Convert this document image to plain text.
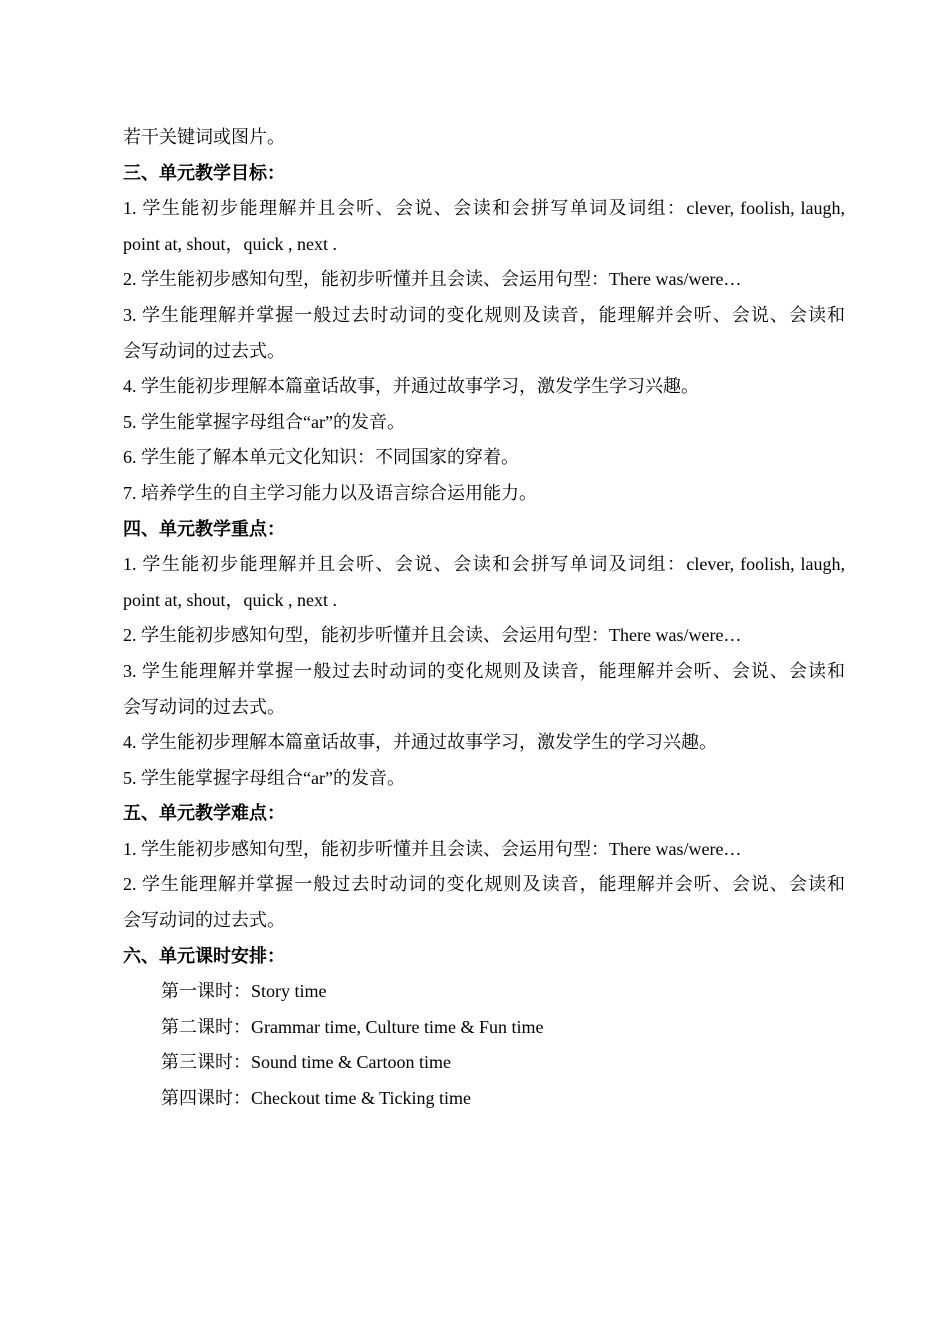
若干关键词或图片。
三、单元教学目标：
1. 学生能初步能理解并且会听、会说、会读和会拼写单词及词组：clever, foolish, laugh,
point at, shout，quick , next .
2. 学生能初步感知句型，能初步听懂并且会读、会运用句型：There was/were…
3. 学生能理解并掌握一般过去时动词的变化规则及读音，能理解并会听、会说、会读和
会写动词的过去式。
4. 学生能初步理解本篇童话故事，并通过故事学习，激发学生学习兴趣。
5. 学生能掌握字母组合“ar”的发音。
6. 学生能了解本单元文化知识：不同国家的穿着。
7. 培养学生的自主学习能力以及语言综合运用能力。
四、单元教学重点：
1. 学生能初步能理解并且会听、会说、会读和会拼写单词及词组：clever, foolish, laugh,
point at, shout，quick , next .
2. 学生能初步感知句型，能初步听懂并且会读、会运用句型：There was/were…
3. 学生能理解并掌握一般过去时动词的变化规则及读音，能理解并会听、会说、会读和
会写动词的过去式。
4. 学生能初步理解本篇童话故事，并通过故事学习，激发学生的学习兴趣。
5. 学生能掌握字母组合“ar”的发音。
五、单元教学难点：
1. 学生能初步感知句型，能初步听懂并且会读、会运用句型：There was/were…
2. 学生能理解并掌握一般过去时动词的变化规则及读音，能理解并会听、会说、会读和
会写动词的过去式。
六、单元课时安排：
第一课时：Story time
第二课时：Grammar time, Culture time & Fun time
第三课时：Sound time & Cartoon time
第四课时：Checkout time & Ticking time
